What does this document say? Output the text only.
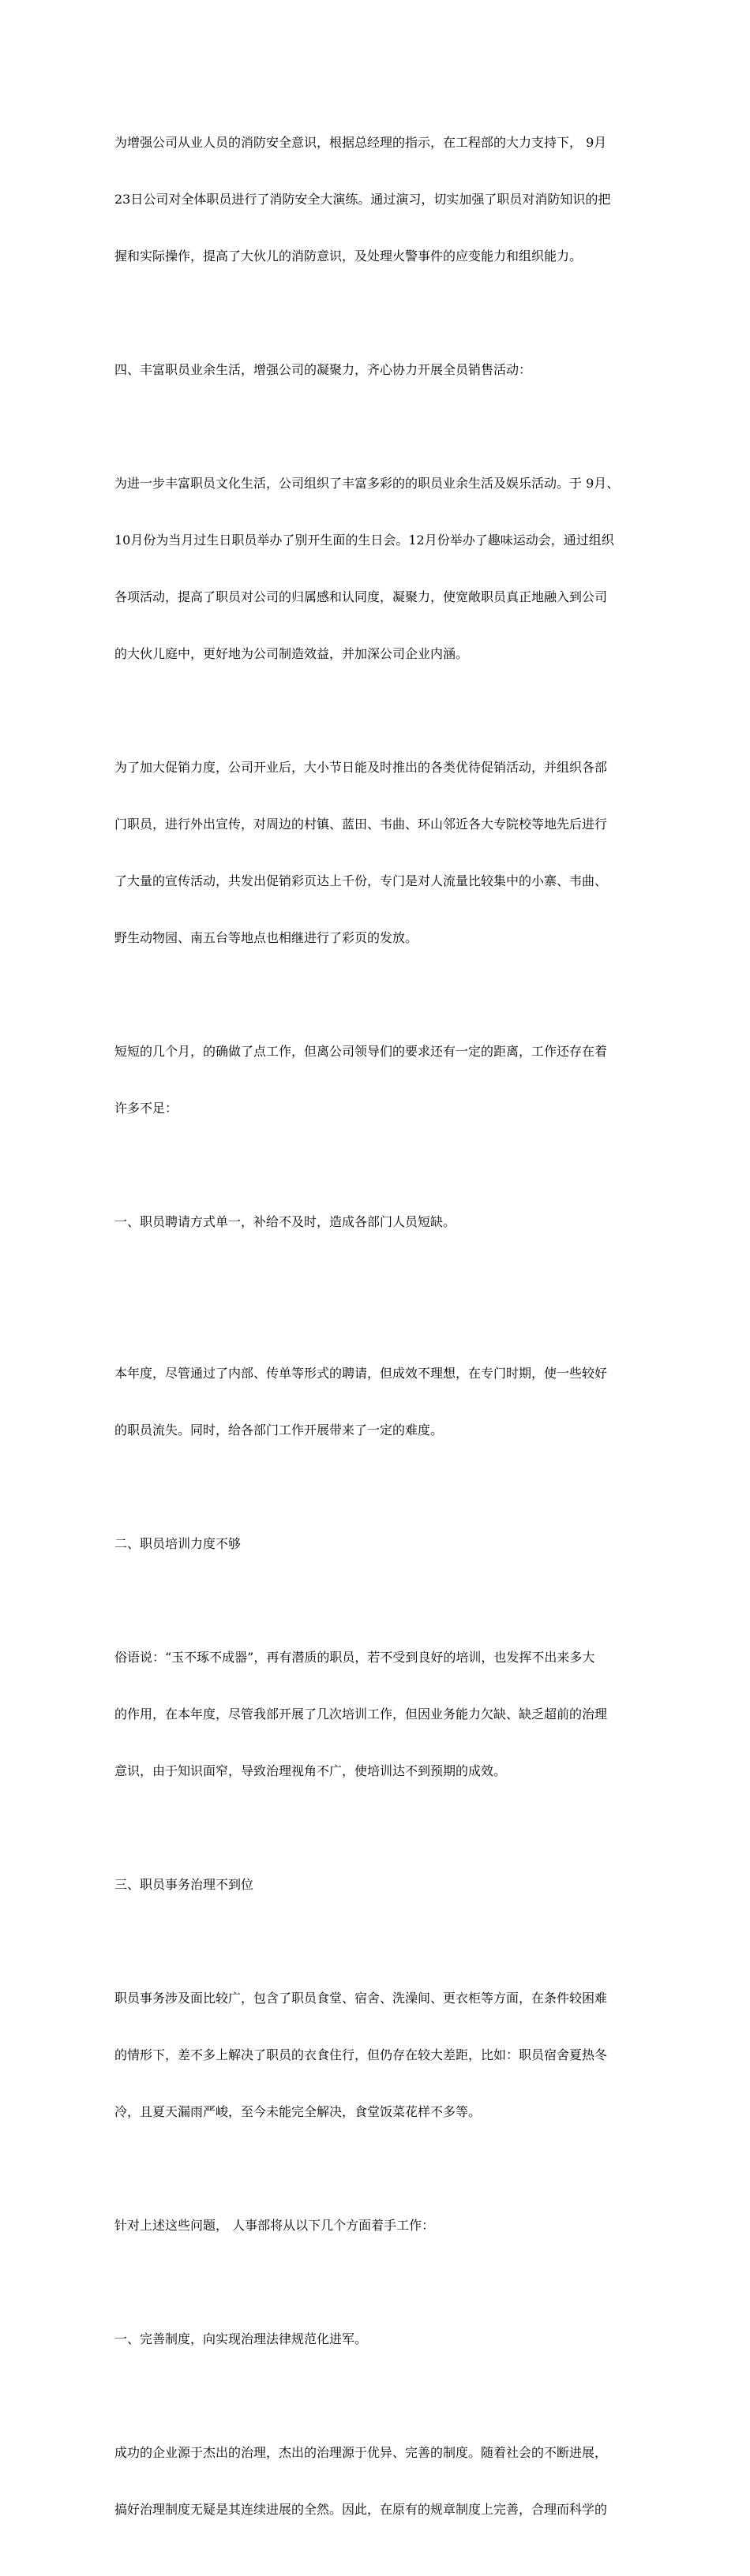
为增强公司从业人员的消防安全意识，根据总经理的指示，在工程部的大力支持下， 9月

23日公司对全体职员进行了消防安全大演练。通过演习，切实加强了职员对消防知识的把

握和实际操作，提高了大伙儿的消防意识，及处理火警事件的应变能力和组织能力。

四、丰富职员业余生活，增强公司的凝聚力，齐心协力开展全员销售活动：

为进一步丰富职员文化生活，公司组织了丰富多彩的的职员业余生活及娱乐活动。于 9月、

10月份为当月过生日职员举办了别开生面的生日会。12月份举办了趣味运动会，通过组织

各项活动，提高了职员对公司的归属感和认同度，凝聚力，使宽敞职员真正地融入到公司

的大伙儿庭中，更好地为公司制造效益，并加深公司企业内涵。

为了加大促销力度，公司开业后，大小节日能及时推出的各类优待促销活动，并组织各部

门职员，进行外出宣传，对周边的村镇、蓝田、韦曲、环山邻近各大专院校等地先后进行

了大量的宣传活动，共发出促销彩页达上千份，专门是对人流量比较集中的小寨、韦曲、

野生动物园、南五台等地点也相继进行了彩页的发放。

短短的几个月，的确做了点工作，但离公司领导们的要求还有一定的距离，工作还存在着

许多不足：

一、职员聘请方式单一，补给不及时，造成各部门人员短缺。

本年度，尽管通过了内部、传单等形式的聘请，但成效不理想，在专门时期，使一些较好

的职员流失。同时，给各部门工作开展带来了一定的难度。

二、职员培训力度不够

俗语说：“玉不琢不成器”，再有潜质的职员，若不受到良好的培训，也发挥不出来多大

的作用，在本年度，尽管我部开展了几次培训工作，但因业务能力欠缺、缺乏超前的治理

意识，由于知识面窄，导致治理视角不广，使培训达不到预期的成效。

三、职员事务治理不到位

职员事务涉及面比较广，包含了职员食堂、宿舍、洗澡间、更衣柜等方面，在条件较困难

的情形下，差不多上解决了职员的衣食住行，但仍存在较大差距，比如：职员宿舍夏热冬

冷，且夏天漏雨严峻，至今未能完全解决，食堂饭菜花样不多等。

针对上述这些问题， 人事部将从以下几个方面着手工作：

一、完善制度，向实现治理法律规范化进军。

成功的企业源于杰出的治理，杰出的治理源于优异、完善的制度。随着社会的不断进展，

搞好治理制度无疑是其连续进展的全然。因此，在原有的规章制度上完善，合理而科学的
